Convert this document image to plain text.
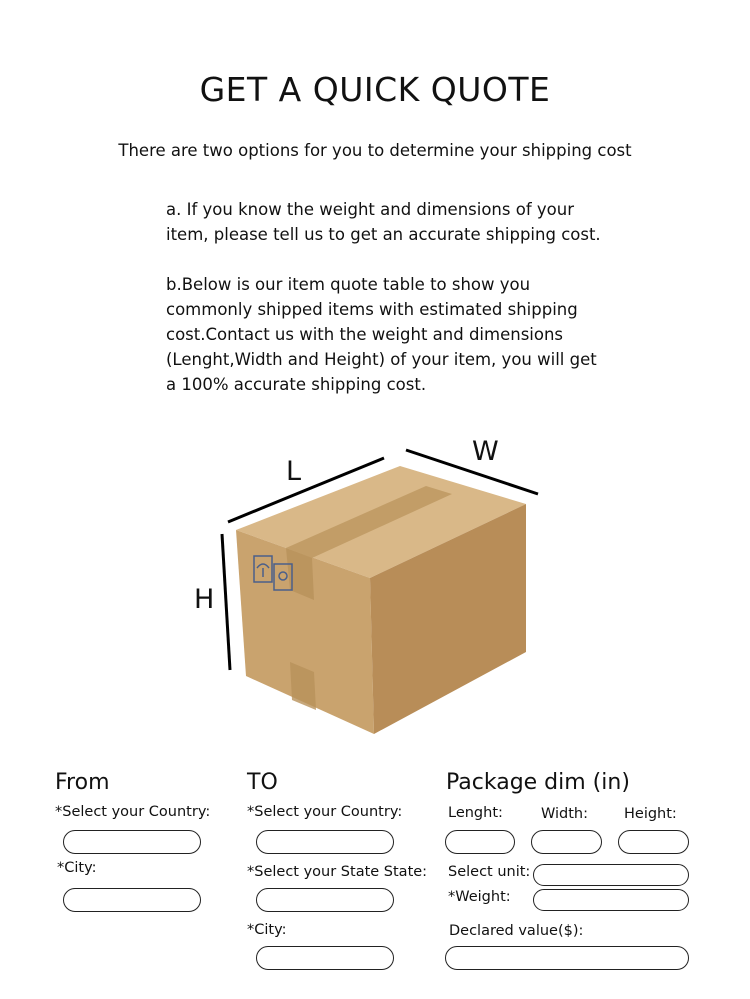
GET A QUICK QUOTE
There are two options for you to determine your shipping cost
a. If you know the weight and dimensions of your item, please tell us to get an accurate shipping cost.
b.Below is our item quote table to show you commonly shipped items with estimated shipping cost.Contact us with the weight and dimensions (Lenght,Width and Height) of your item, you will get a 100% accurate shipping cost.
L
W
H
From
*Select your Country:
*City:
TO
*Select your Country:
*Select your State State:
*City:
Package dim (in)
Lenght:	Width: Height:
Select unit:
*Weight:
Declared value($):
